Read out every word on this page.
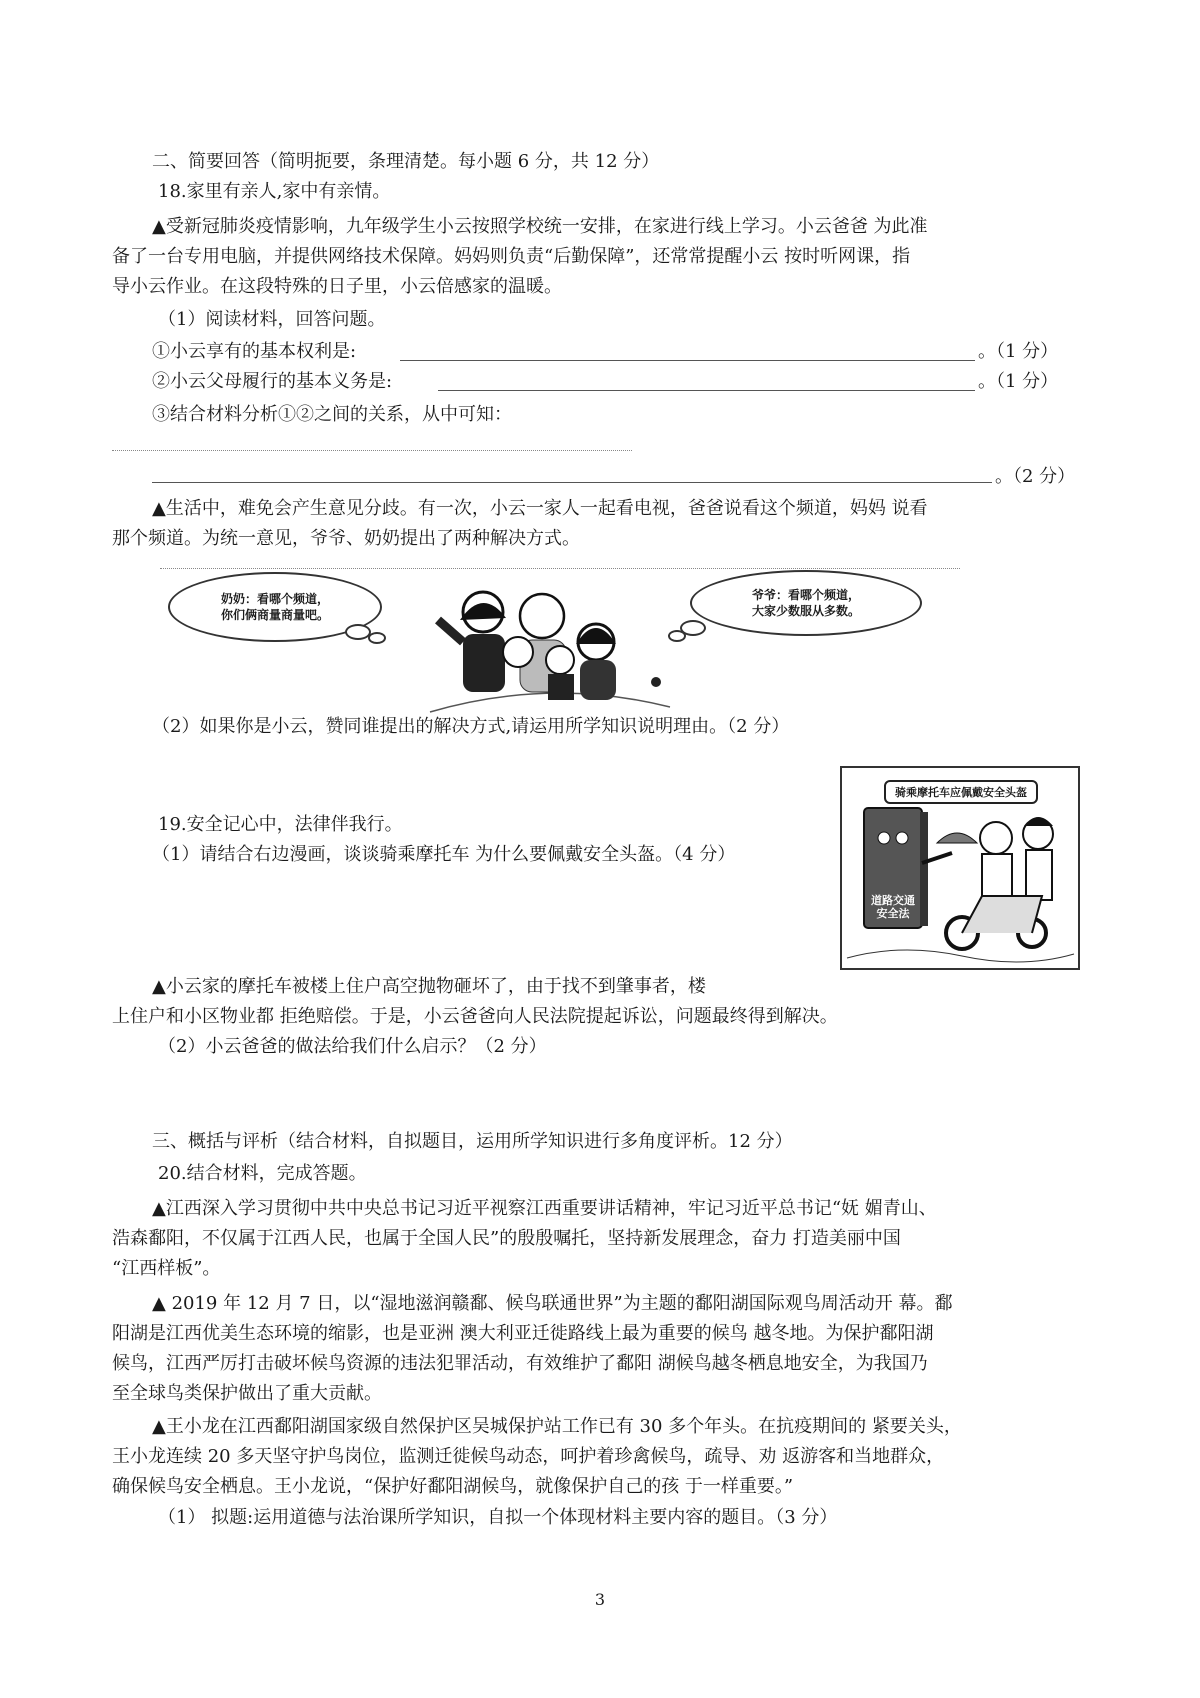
二、简要回答（简明扼要，条理清楚。每小题 6 分，共 12 分）
18.家里有亲人,家中有亲情。
▲受新冠肺炎疫情影响，九年级学生小云按照学校统一安排，在家进行线上学习。小云爸爸 为此准
备了一台专用电脑，并提供网络技术保障。妈妈则负责“后勤保障”，还常常提醒小云 按时听网课，指
导小云作业。在这段特殊的日子里，小云倍感家的温暖。
（1）阅读材料，回答问题。
①小云享有的基本权利是:	。（1 分）
②小云父母履行的基本义务是:	。（1 分）
③结合材料分析①②之间的关系，从中可知：
。（2 分）
▲生活中，难免会产生意见分歧。有一次，小云一家人一起看电视，爸爸说看这个频道，妈妈 说看
那个频道。为统一意见，爷爷、奶奶提出了两种解决方式。
奶奶：看哪个频道，
你们俩商量商量吧。
爷爷：看哪个频道，
大家少数服从多数。
（2）如果你是小云，赞同谁提出的解决方式,请运用所学知识说明理由。（2 分）
19.安全记心中，法律伴我行。
（1）请结合右边漫画，谈谈骑乘摩托车 为什么要佩戴安全头盔。（4 分）
骑乘摩托车应佩戴安全头盔
道路交通
安全法
▲小云家的摩托车被楼上住户高空抛物砸坏了，由于找不到肇事者，楼
上住户和小区物业都 拒绝赔偿。于是，小云爸爸向人民法院提起诉讼，问题最终得到解决。
（2）小云爸爸的做法给我们什么启示？（2 分）
三、概括与评析（结合材料，自拟题目，运用所学知识进行多角度评析。12 分）
20.结合材料，完成答题。
▲江西深入学习贯彻中共中央总书记习近平视察江西重要讲话精神，牢记习近平总书记“妩 媚青山、
浩森鄱阳，不仅属于江西人民，也属于全国人民”的殷殷嘱托，坚持新发展理念，奋力 打造美丽中国
“江西样板”。
▲ 2019 年 12 月 7 日，以“湿地滋润赣鄱、候鸟联通世界”为主题的鄱阳湖国际观鸟周活动开 幕。鄱
阳湖是江西优美生态环境的缩影，也是亚洲 澳大利亚迁徙路线上最为重要的候鸟 越冬地。为保护鄱阳湖
候鸟，江西严厉打击破坏候鸟资源的违法犯罪活动，有效维护了鄱阳 湖候鸟越冬栖息地安全，为我国乃
至全球鸟类保护做出了重大贡献。
▲王小龙在江西鄱阳湖国家级自然保护区吴城保护站工作已有 30 多个年头。在抗疫期间的 紧要关头，
王小龙连续 20 多天坚守护鸟岗位，监测迁徙候鸟动态，呵护着珍禽候鸟，疏导、劝 返游客和当地群众，
确保候鸟安全栖息。王小龙说，“保护好鄱阳湖候鸟，就像保护自己的孩 于一样重要。”
（1） 拟题:运用道德与法治课所学知识，自拟一个体现材料主要内容的题目。（3 分）
3
